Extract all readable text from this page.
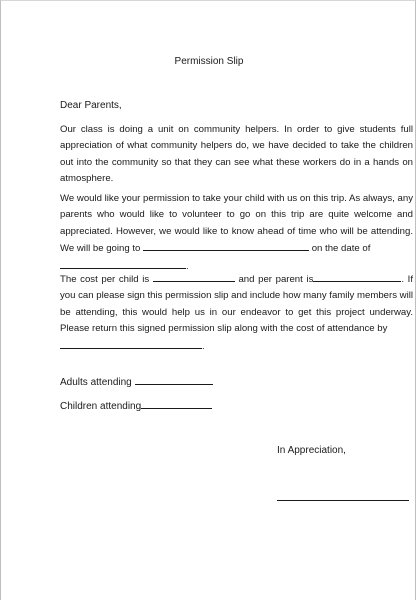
Permission Slip
Dear Parents,
Our class is doing a unit on community helpers. In order to give students full appreciation of what community helpers do, we have decided to take the children out into the community so that they can see what these workers do in a hands on atmosphere.
We would like your permission to take your child with us on this trip. As always, any parents who would like to volunteer to go on this trip are quite welcome and appreciated. However, we would like to know ahead of time who will be attending. We will be going to	on the date of
.
The cost per child is	and per parent is	. If you can please sign this permission slip and include how many family members will be attending, this would help us in our endeavor to get this project underway. Please return this signed permission slip along with the cost of attendance by
.
Adults attending
Children attending
In Appreciation,
